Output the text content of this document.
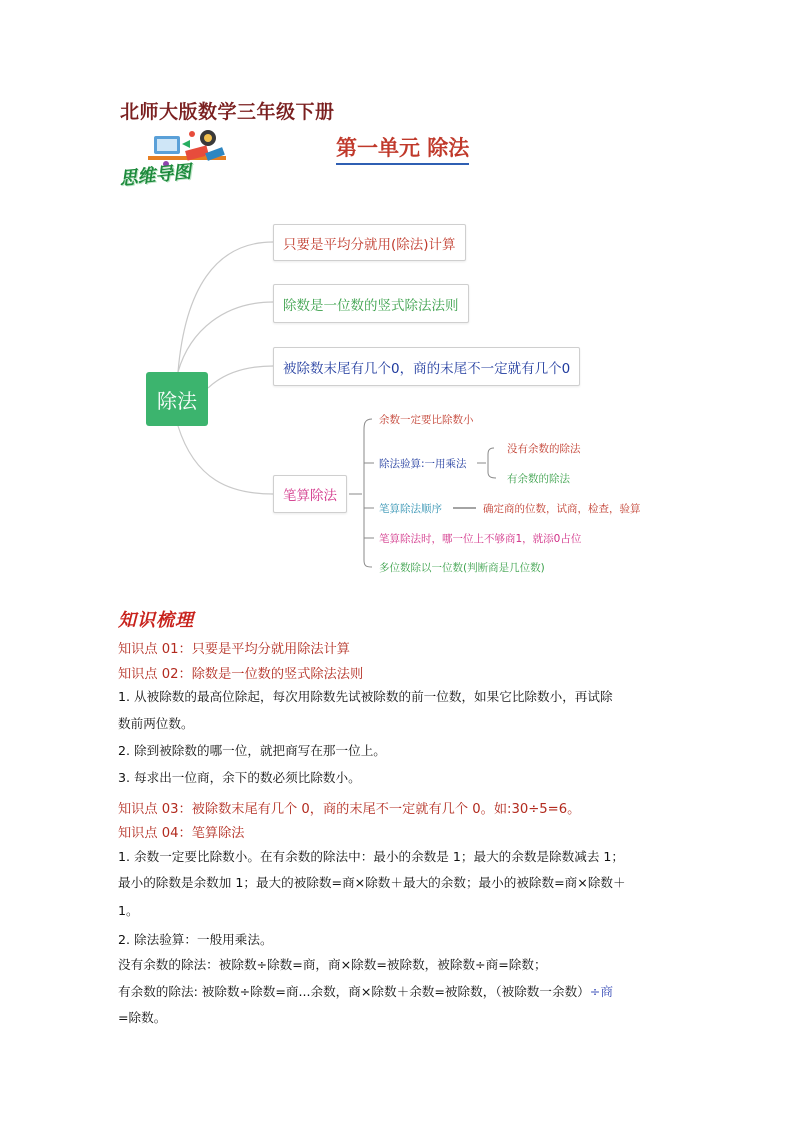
北师大版数学三年级下册
第一单元 除法
思维导图
除法
只要是平均分就用(除法)计算
除数是一位数的竖式除法法则
被除数末尾有几个0，商的末尾不一定就有几个0
笔算除法
余数一定要比除数小
除法验算:一用乘法
没有余数的除法
有余数的除法
笔算除法顺序	确定商的位数，试商，检查，验算
笔算除法时，哪一位上不够商1，就添0占位
多位数除以一位数(判断商是几位数)
知识梳理
知识点 01：只要是平均分就用除法计算
知识点 02：除数是一位数的竖式除法法则
1. 从被除数的最高位除起，每次用除数先试被除数的前一位数，如果它比除数小，再试除
数前两位数。
2. 除到被除数的哪一位，就把商写在那一位上。
3. 每求出一位商，余下的数必须比除数小。
知识点 03：被除数末尾有几个 0，商的末尾不一定就有几个 0。如:30÷5=6。
知识点 04：笔算除法
1. 余数一定要比除数小。在有余数的除法中：最小的余数是 1；最大的余数是除数减去 1；
最小的除数是余数加 1；最大的被除数=商×除数＋最大的余数；最小的被除数=商×除数＋
1。
2. 除法验算：一般用乘法。
没有余数的除法：被除数÷除数=商，商×除数=被除数，被除数÷商=除数；
有余数的除法: 被除数÷除数=商...余数，商×除数＋余数=被除数，（被除数一余数）÷商
=除数。
